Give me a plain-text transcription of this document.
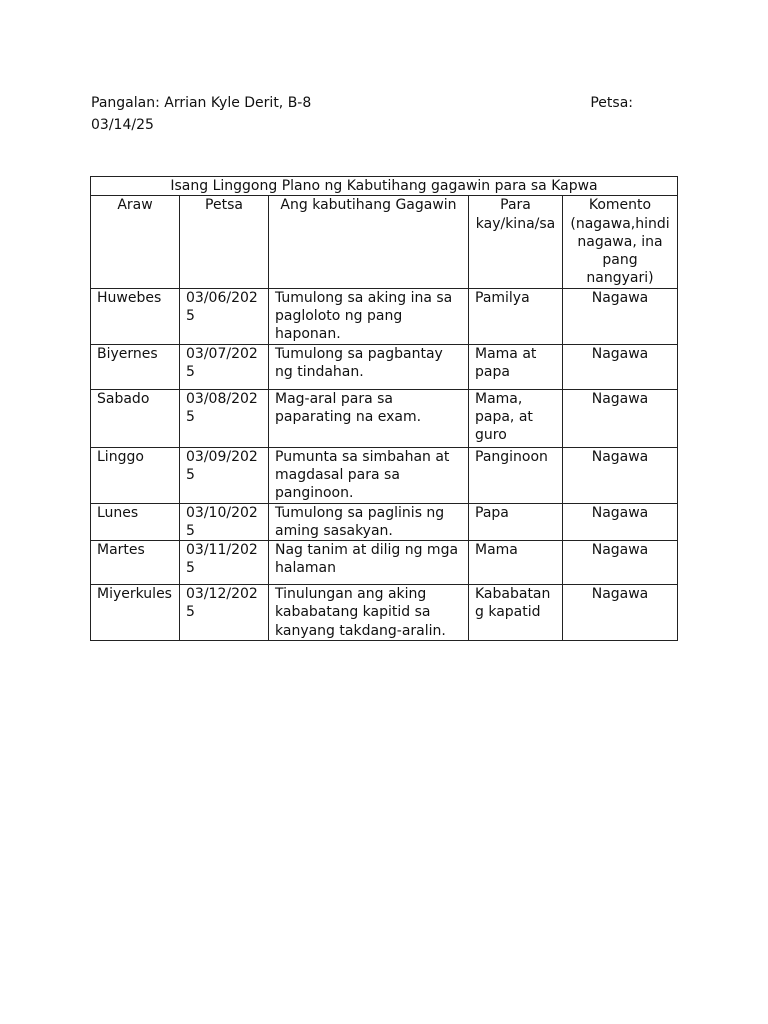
Pangalan: Arrian Kyle Derit, B-8	Petsa:
03/14/25
Isang Linggong Plano ng Kabutihang gagawin para sa Kapwa				
Araw	Petsa	Ang kabutihang Gagawin	Para kay/kina/sa	Komento (nagawa,hindi nagawa, ina pang nangyari)
Huwebes	03/06/2025	Tumulong sa aking ina sa pagloloto ng pang haponan.	Pamilya	Nagawa
Biyernes	03/07/2025	Tumulong sa pagbantay ng tindahan.	Mama at papa	Nagawa
Sabado	03/08/2025	Mag-aral para sa paparating na exam.	Mama, papa, at guro	Nagawa
Linggo	03/09/2025	Pumunta sa simbahan at magdasal para sa panginoon.	Panginoon	Nagawa
Lunes	03/10/2025	Tumulong sa paglinis ng aming sasakyan.	Papa	Nagawa
Martes	03/11/2025	Nag tanim at dilig ng mga halaman	Mama	Nagawa
Miyerkules	03/12/2025	Tinulungan ang aking kababatang kapitid sa kanyang takdang-aralin.	Kababatang kapatid	Nagawa
